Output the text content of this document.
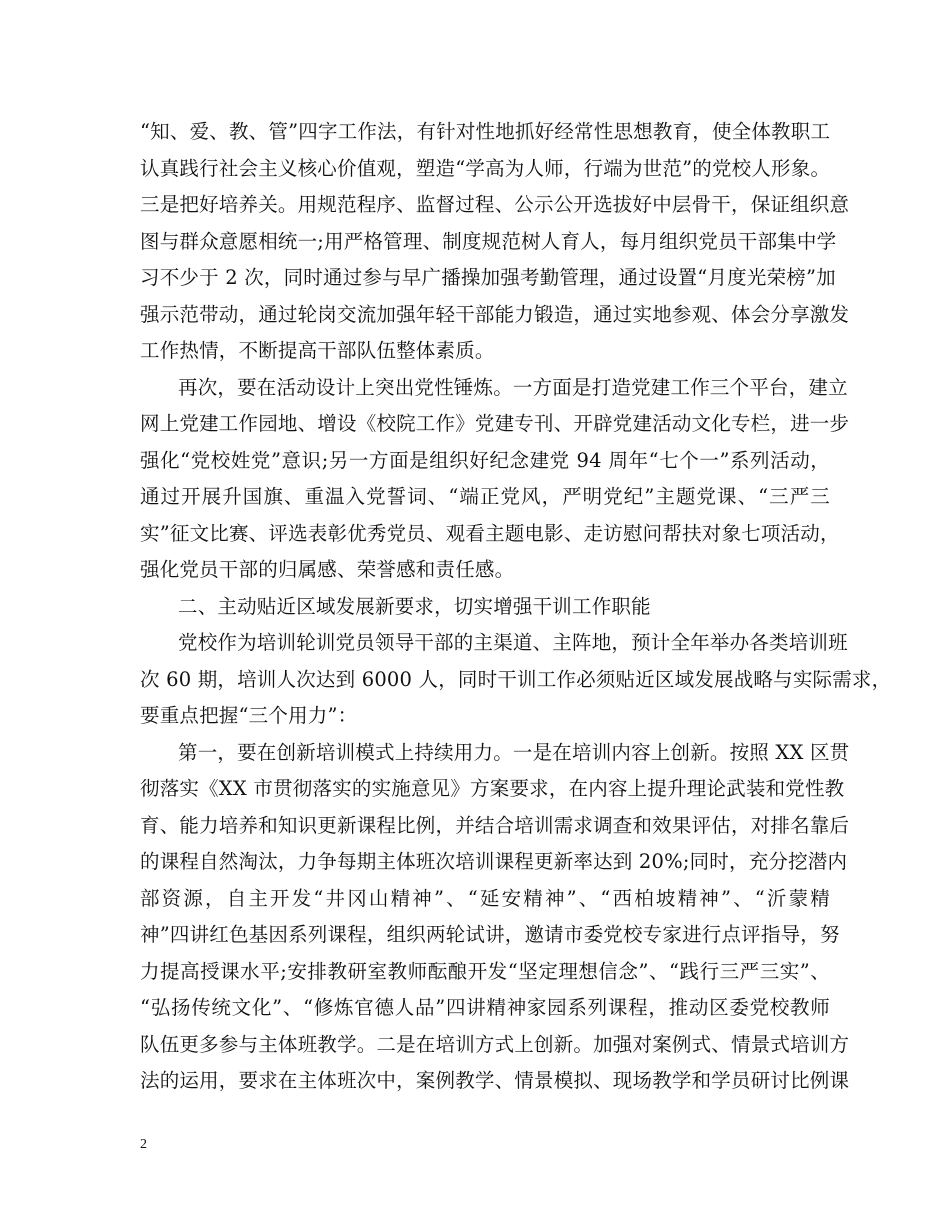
“知、爱、教、管”四字工作法，有针对性地抓好经常性思想教育，使全体教职工
认真践行社会主义核心价值观，塑造“学高为人师，行端为世范”的党校人形象。
三是把好培养关。用规范程序、监督过程、公示公开选拔好中层骨干，保证组织意
图与群众意愿相统一;用严格管理、制度规范树人育人，每月组织党员干部集中学
习不少于 2 次，同时通过参与早广播操加强考勤管理，通过设置“月度光荣榜”加
强示范带动，通过轮岗交流加强年轻干部能力锻造，通过实地参观、体会分享激发
工作热情，不断提高干部队伍整体素质。
再次，要在活动设计上突出党性锤炼。一方面是打造党建工作三个平台，建立
网上党建工作园地、增设《校院工作》党建专刊、开辟党建活动文化专栏，进一步
强化“党校姓党”意识;另一方面是组织好纪念建党 94 周年“七个一”系列活动，
通过开展升国旗、重温入党誓词、“端正党风，严明党纪”主题党课、“三严三
实”征文比赛、评选表彰优秀党员、观看主题电影、走访慰问帮扶对象七项活动，
强化党员干部的归属感、荣誉感和责任感。
二、主动贴近区域发展新要求，切实增强干训工作职能
党校作为培训轮训党员领导干部的主渠道、主阵地，预计全年举办各类培训班
次 60 期，培训人次达到 6000 人，同时干训工作必须贴近区域发展战略与实际需求，
要重点把握“三个用力”：
第一，要在创新培训模式上持续用力。一是在培训内容上创新。按照 XX 区贯
彻落实《XX 市贯彻落实的实施意见》方案要求，在内容上提升理论武装和党性教
育、能力培养和知识更新课程比例，并结合培训需求调查和效果评估，对排名靠后
的课程自然淘汰，力争每期主体班次培训课程更新率达到 20%;同时，充分挖潜内
部资源，自主开发“井冈山精神”、“延安精神”、“西柏坡精神”、“沂蒙精
神”四讲红色基因系列课程，组织两轮试讲，邀请市委党校专家进行点评指导，努
力提高授课水平;安排教研室教师酝酿开发“坚定理想信念”、“践行三严三实”、
“弘扬传统文化”、“修炼官德人品”四讲精神家园系列课程，推动区委党校教师
队伍更多参与主体班教学。二是在培训方式上创新。加强对案例式、情景式培训方
法的运用，要求在主体班次中，案例教学、情景模拟、现场教学和学员研讨比例课
2
